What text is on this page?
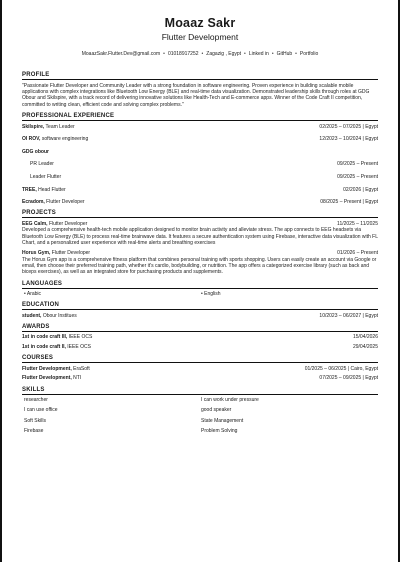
Moaaz Sakr
Flutter Development
MoaazSakr.Flutter.Dev@gmail.com • 01018917252 • Zagazig , Egypt • Linked in • GitHub • Portfolio
PROFILE
"Passionate Flutter Developer and Community Leader with a strong foundation in software engineering. Proven experience in building scalable mobile applications with complex integrations like Bluetooth Low Energy (BLE) and real-time data visualization. Demonstrated leadership skills through roles at GDG Obour and Skilspire, with a track record of delivering innovative solutions like Health-Tech and E-commerce apps. Winner of the Code Craft II competition, committed to writing clean, efficient code and solving complex problems."
PROFESSIONAL EXPERIENCE
Skilspire, Team Leader	02/2025 – 07/2025 | Egypt
OI ROV, software engineering	12/2023 – 10/2024 | Egypt
GDG obour
PR Leader	09/2025 – Present
Leader Flutter	09/2025 – Present
TREE, Head Flutter	02/2026 | Egypt
Ecradom, Flutter Developer	08/2025 – Present | Egypt
PROJECTS
EEG Calm, Flutter Developer	11/2025 – 11/2025
Developed a comprehensive health-tech mobile application designed to monitor brain activity and alleviate stress. The app connects to EEG headsets via Bluetooth Low Energy (BLE) to process real-time brainwave data. It features a secure authentication system using Firebase, interactive data visualization with FL Chart, and a personalized user experience with real-time alerts and breathing exercises
Horus Gym, Flutter Developer	01/2026 – Present
The Horus Gym app is a comprehensive fitness platform that combines personal training with sports shopping. Users can easily create an account via Google or email, then choose their preferred training path, whether it's cardio, bodybuilding, or nutrition. The app offers a categorized exercise library (such as back and biceps exercises), as well as an integrated store for purchasing products and supplements.
LANGUAGES
• Arabic	• English
EDUCATION
student, Obour Institues	10/2023 – 06/2027 | Egypt
AWARDS
1st in code craft III, IEEE OCS	15/04/2026
1st in code craft II, IEEE OCS	29/04/2025
COURSES
Flutter Development, EraSoft	01/2025 – 06/2025 | Cairo, Egypt
Flutter Development, NTI	07/2025 – 09/2025 | Egypt
SKILLS
researcher	I can work under pressure
I can use office	good speaker
Soft Skills	State Management
Firebase	Problem Solving
